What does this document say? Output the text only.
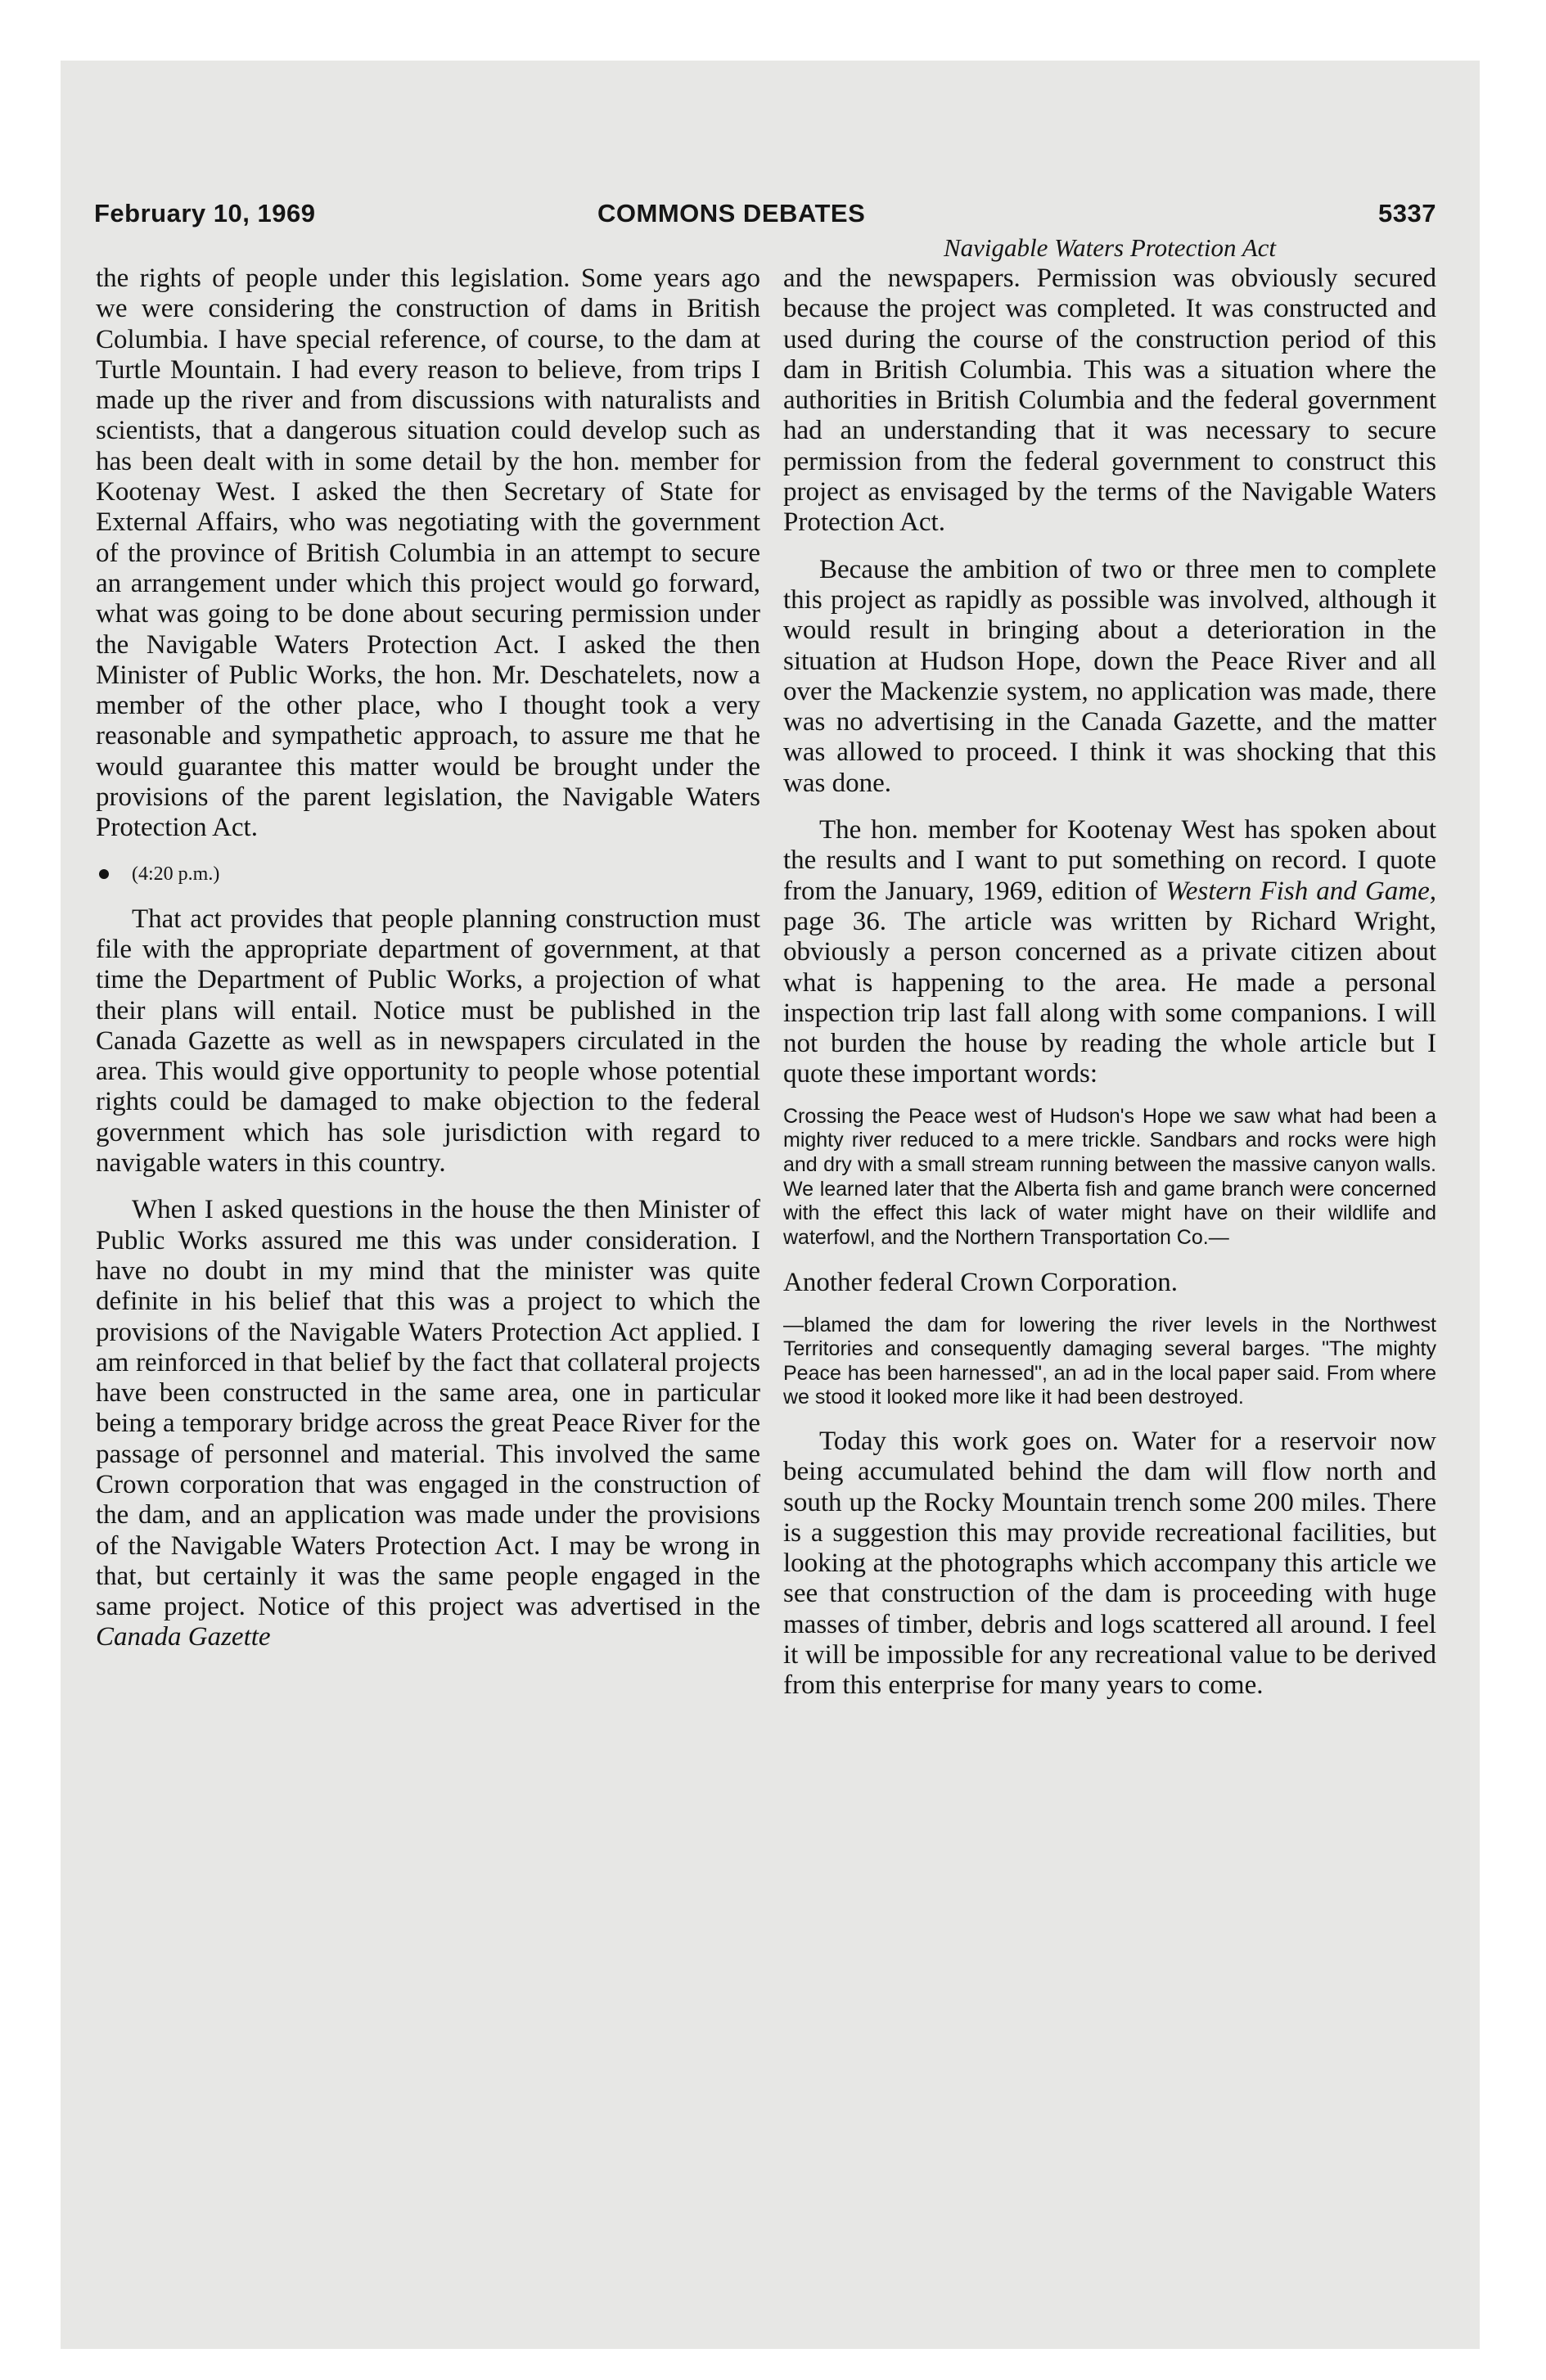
February 10, 1969	COMMONS DEBATES	5337

the rights of people under this legislation. Some years ago we were considering the construction of dams in British Columbia. I have special reference, of course, to the dam at Turtle Mountain. I had every reason to believe, from trips I made up the river and from discussions with naturalists and scientists, that a dangerous situation could develop such as has been dealt with in some detail by the hon. member for Kootenay West. I asked the then Secretary of State for External Affairs, who was negotiating with the government of the province of British Columbia in an attempt to secure an arrangement under which this project would go forward, what was going to be done about securing permission under the Navigable Waters Protection Act. I asked the then Minister of Public Works, the hon. Mr. Deschatelets, now a member of the other place, who I thought took a very reasonable and sympathetic approach, to assure me that he would guarantee this matter would be brought under the provisions of the parent legislation, the Navigable Waters Protection Act.

(4:20 p.m.)

That act provides that people planning construction must file with the appropriate department of government, at that time the Department of Public Works, a projection of what their plans will entail. Notice must be published in the Canada Gazette as well as in newspapers circulated in the area. This would give opportunity to people whose potential rights could be damaged to make objection to the federal government which has sole jurisdiction with regard to navigable waters in this country.

When I asked questions in the house the then Minister of Public Works assured me this was under consideration. I have no doubt in my mind that the minister was quite definite in his belief that this was a project to which the provisions of the Navigable Waters Protection Act applied. I am reinforced in that belief by the fact that collateral projects have been constructed in the same area, one in particular being a temporary bridge across the great Peace River for the passage of personnel and material. This involved the same Crown corporation that was engaged in the construction of the dam, and an application was made under the provisions of the Navigable Waters Protection Act. I may be wrong in that, but certainly it was the same people engaged in the same project. Notice of this project was advertised in the Canada Gazette

Navigable Waters Protection Act

and the newspapers. Permission was obviously secured because the project was completed. It was constructed and used during the course of the construction period of this dam in British Columbia. This was a situation where the authorities in British Columbia and the federal government had an understanding that it was necessary to secure permission from the federal government to construct this project as envisaged by the terms of the Navigable Waters Protection Act.

Because the ambition of two or three men to complete this project as rapidly as possible was involved, although it would result in bringing about a deterioration in the situation at Hudson Hope, down the Peace River and all over the Mackenzie system, no application was made, there was no advertising in the Canada Gazette, and the matter was allowed to proceed. I think it was shocking that this was done.

The hon. member for Kootenay West has spoken about the results and I want to put something on record. I quote from the January, 1969, edition of Western Fish and Game, page 36. The article was written by Richard Wright, obviously a person concerned as a private citizen about what is happening to the area. He made a personal inspection trip last fall along with some companions. I will not burden the house by reading the whole article but I quote these important words:

Crossing the Peace west of Hudson's Hope we saw what had been a mighty river reduced to a mere trickle. Sandbars and rocks were high and dry with a small stream running between the massive canyon walls. We learned later that the Alberta fish and game branch were concerned with the effect this lack of water might have on their wildlife and waterfowl, and the Northern Transportation Co.—

Another federal Crown Corporation.

—blamed the dam for lowering the river levels in the Northwest Territories and consequently damaging several barges. "The mighty Peace has been harnessed", an ad in the local paper said. From where we stood it looked more like it had been destroyed.

Today this work goes on. Water for a reservoir now being accumulated behind the dam will flow north and south up the Rocky Mountain trench some 200 miles. There is a suggestion this may provide recreational facilities, but looking at the photographs which accompany this article we see that construction of the dam is proceeding with huge masses of timber, debris and logs scattered all around. I feel it will be impossible for any recreational value to be derived from this enterprise for many years to come.
